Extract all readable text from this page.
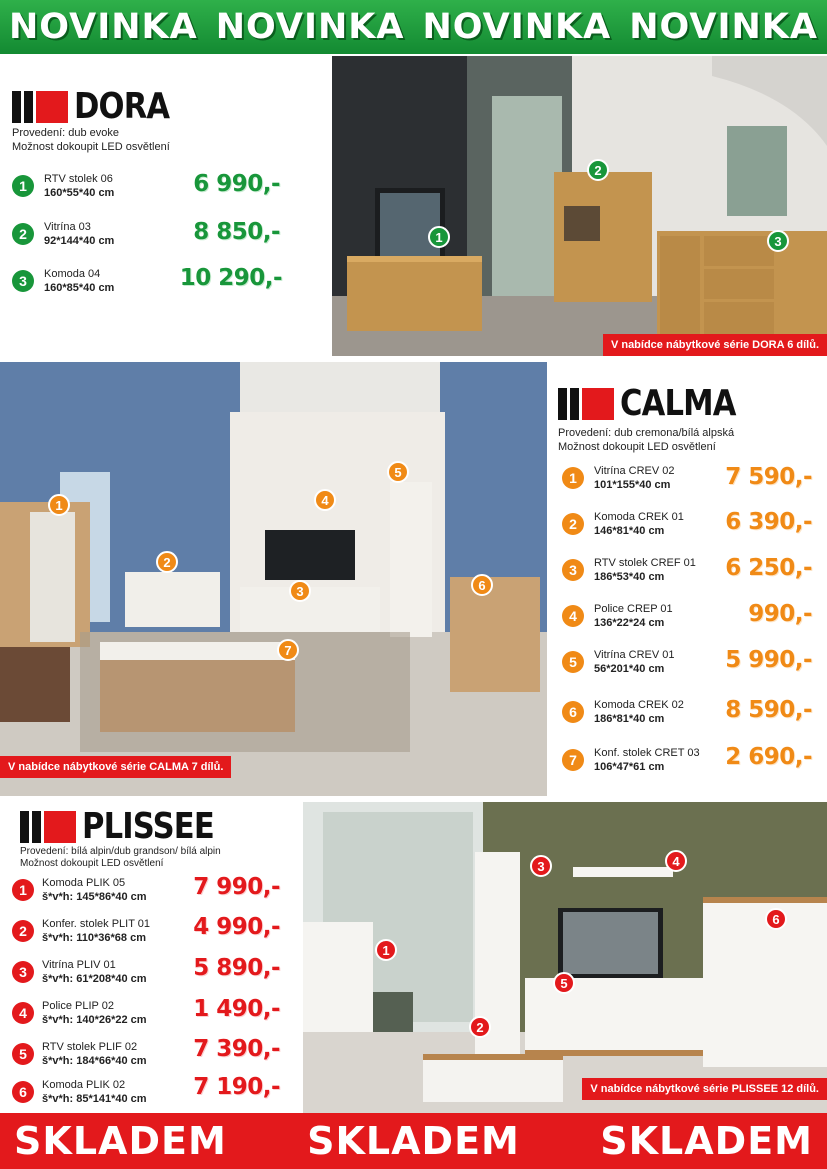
NOVINKA NOVINKA NOVINKA NOVINKA
DORA
Provedení: dub evoke
Možnost dokoupit LED osvětlení
1	RTV stolek 06
160*55*40 cm	6 990,-
2	Vitrína 03
92*144*40 cm	8 850,-
3	Komoda 04
160*85*40 cm	10 290,-
1
2
3
V nabídce nábytkové série DORA 6 dílů.
1
2
3
4
5
6
7
V nabídce nábytkové série CALMA 7 dílů.
CALMA
Provedení: dub cremona/bílá alpská
Možnost dokoupit LED osvětlení
1	Vitrína CREV 02
101*155*40 cm	7 590,-
2	Komoda CREK 01
146*81*40 cm	6 390,-
3	RTV stolek CREF 01
186*53*40 cm	6 250,-
4	Police CREP 01
136*22*24 cm	990,-
5	Vitrína CREV 01
56*201*40 cm	5 990,-
6	Komoda CREK 02
186*81*40 cm	8 590,-
7	Konf. stolek CRET 03
106*47*61 cm	2 690,-
PLISSEE
Provedení: bílá alpin/dub grandson/ bílá alpin
Možnost dokoupit LED osvětlení
1	Komoda PLIK 05
š*v*h: 145*86*40 cm	7 990,-
2	Konfer. stolek PLIT 01
š*v*h: 110*36*68 cm	4 990,-
3	Vitrína PLIV 01
š*v*h: 61*208*40 cm	5 890,-
4	Police PLIP 02
š*v*h: 140*26*22 cm	1 490,-
5	RTV stolek PLIF 02
š*v*h: 184*66*40 cm	7 390,-
6	Komoda PLIK 02
š*v*h: 85*141*40 cm	7 190,-
1
2
3	4
5
6
V nabídce nábytkové série PLISSEE 12 dílů.
SKLADEM SKLADEM SKLADEM
